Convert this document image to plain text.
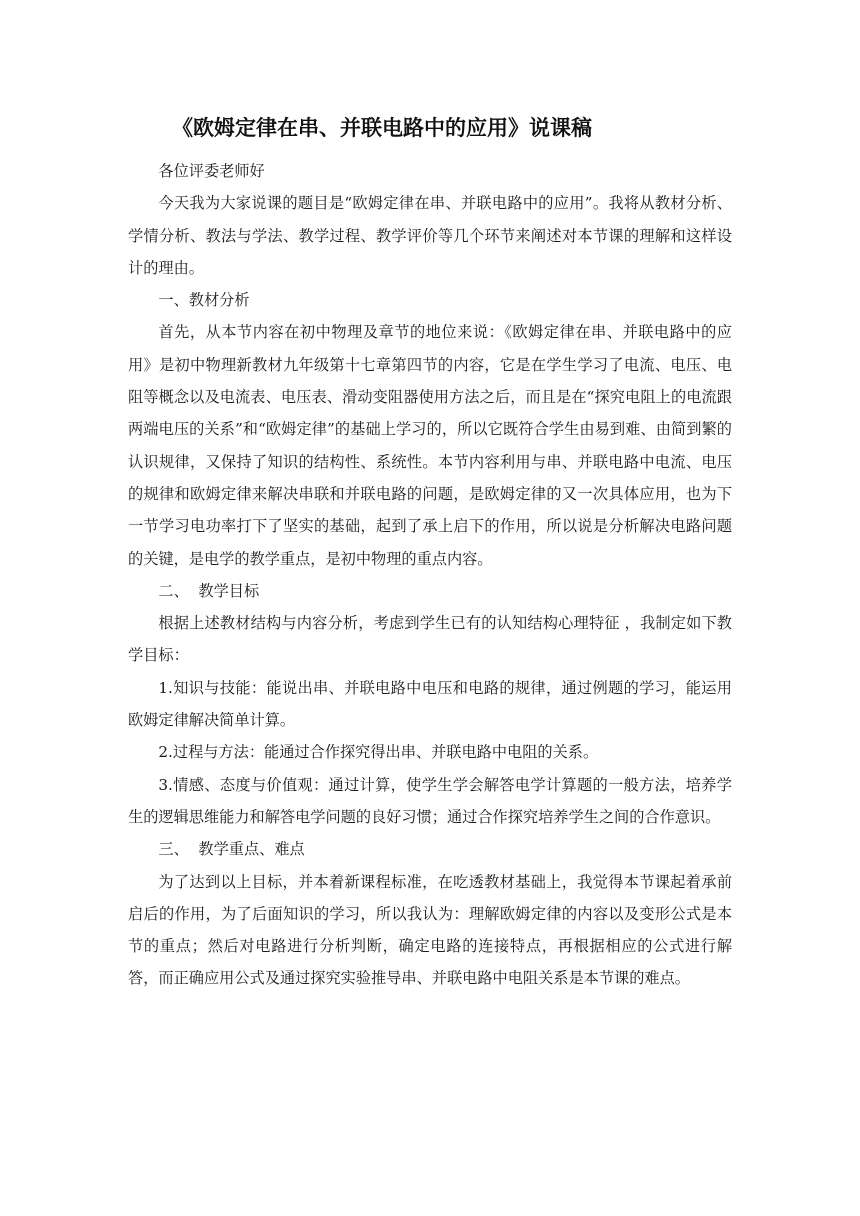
《欧姆定律在串、并联电路中的应用》说课稿

各位评委老师好

今天我为大家说课的题目是“欧姆定律在串、并联电路中的应用”。我将从教材分析、学情分析、教法与学法、教学过程、教学评价等几个环节来阐述对本节课的理解和这样设计的理由。

一、教材分析

首先，从本节内容在初中物理及章节的地位来说：《欧姆定律在串、并联电路中的应用》是初中物理新教材九年级第十七章第四节的内容，它是在学生学习了电流、电压、电阻等概念以及电流表、电压表、滑动变阻器使用方法之后，而且是在“探究电阻上的电流跟两端电压的关系”和“欧姆定律”的基础上学习的，所以它既符合学生由易到难、由简到繁的认识规律，又保持了知识的结构性、系统性。本节内容利用与串、并联电路中电流、电压的规律和欧姆定律来解决串联和并联电路的问题，是欧姆定律的又一次具体应用，也为下一节学习电功率打下了坚实的基础，起到了承上启下的作用，所以说是分析解决电路问题的关键，是电学的教学重点，是初中物理的重点内容。

二、  教学目标

根据上述教材结构与内容分析，考虑到学生已有的认知结构心理特征 ，我制定如下教学目标：

1.知识与技能：能说出串、并联电路中电压和电路的规律，通过例题的学习，能运用欧姆定律解决简单计算。

2.过程与方法：能通过合作探究得出串、并联电路中电阻的关系。

3.情感、态度与价值观：通过计算，使学生学会解答电学计算题的一般方法，培养学生的逻辑思维能力和解答电学问题的良好习惯；通过合作探究培养学生之间的合作意识。

三、  教学重点、难点

为了达到以上目标，并本着新课程标准，在吃透教材基础上，我觉得本节课起着承前启后的作用，为了后面知识的学习，所以我认为：理解欧姆定律的内容以及变形公式是本节的重点；然后对电路进行分析判断，确定电路的连接特点，再根据相应的公式进行解答，而正确应用公式及通过探究实验推导串、并联电路中电阻关系是本节课的难点。
